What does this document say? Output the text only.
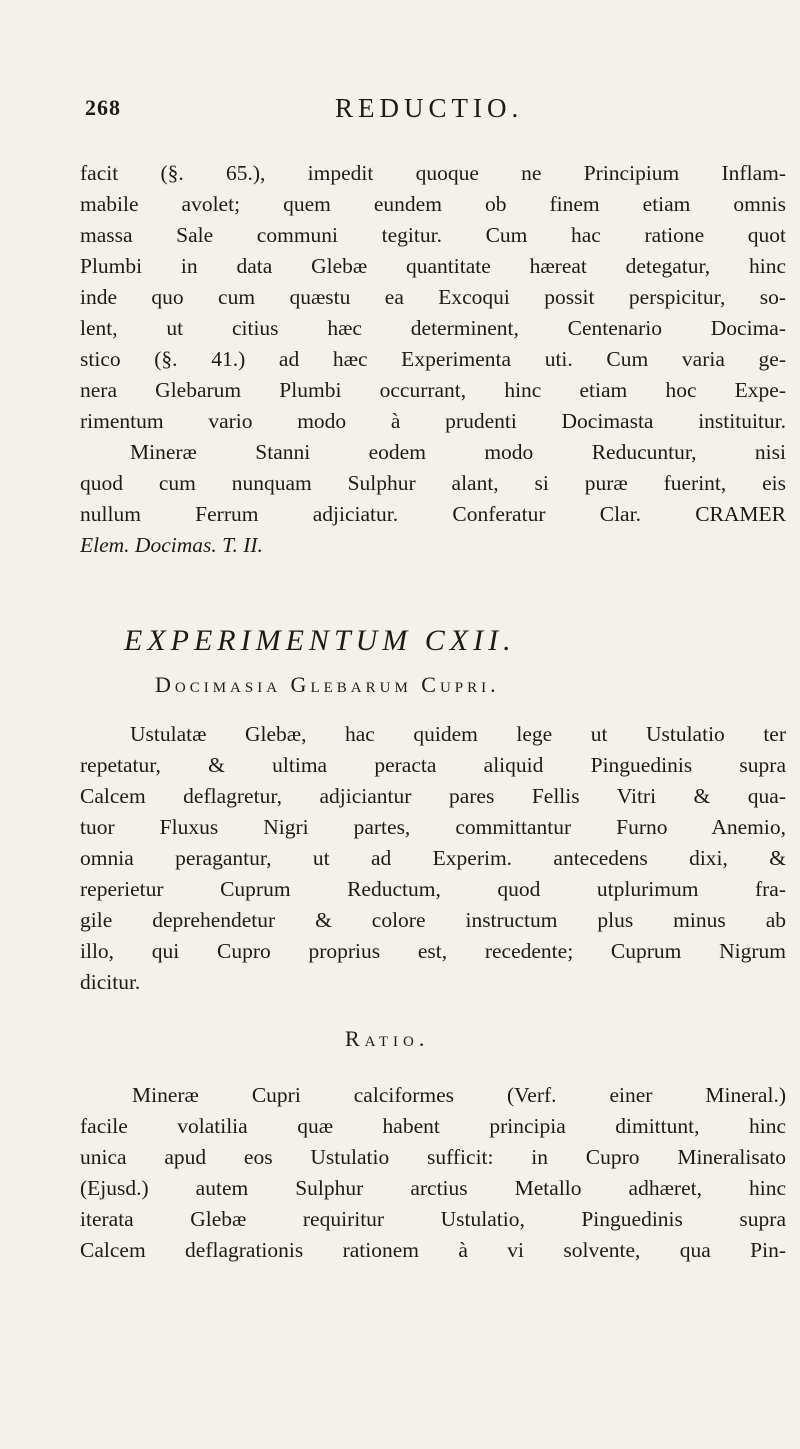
268	REDUCTIO.
facit (§. 65.), impedit quoque ne Principium Inflam-
mabile avolet; quem eundem ob finem etiam omnis
massa Sale communi tegitur. Cum hac ratione quot
Plumbi in data Glebæ quantitate hæreat detegatur, hinc
inde quo cum quæstu ea Excoqui possit perspicitur, so-
lent, ut citius hæc determinent, Centenario Docima-
stico (§. 41.) ad hæc Experimenta uti. Cum varia ge-
nera Glebarum Plumbi occurrant, hinc etiam hoc Expe-
rimentum vario modo à prudenti Docimasta instituitur.
Mineræ Stanni eodem modo Reducuntur, nisi
quod cum nunquam Sulphur alant, si puræ fuerint, eis
nullum Ferrum adjiciatur. Conferatur Clar. CRAMER
Elem. Docimas. T. II.
EXPERIMENTUM CXII.
Docimasia Glebarum Cupri.
Ustulatæ Glebæ, hac quidem lege ut Ustulatio ter
repetatur, & ultima peracta aliquid Pinguedinis supra
Calcem deflagretur, adjiciantur pares Fellis Vitri & qua-
tuor Fluxus Nigri partes, committantur Furno Anemio,
omnia peragantur, ut ad Experim. antecedens dixi, &
reperietur Cuprum Reductum, quod utplurimum fra-
gile deprehendetur & colore instructum plus minus ab
illo, qui Cupro proprius est, recedente; Cuprum Nigrum
dicitur.
Ratio.
Mineræ Cupri calciformes (Verf. einer Mineral.)
facile volatilia quæ habent principia dimittunt, hinc
unica apud eos Ustulatio sufficit: in Cupro Mineralisato
(Ejusd.) autem Sulphur arctius Metallo adhæret, hinc
iterata Glebæ requiritur Ustulatio, Pinguedinis supra
Calcem deflagrationis rationem à vi solvente, qua Pin-
